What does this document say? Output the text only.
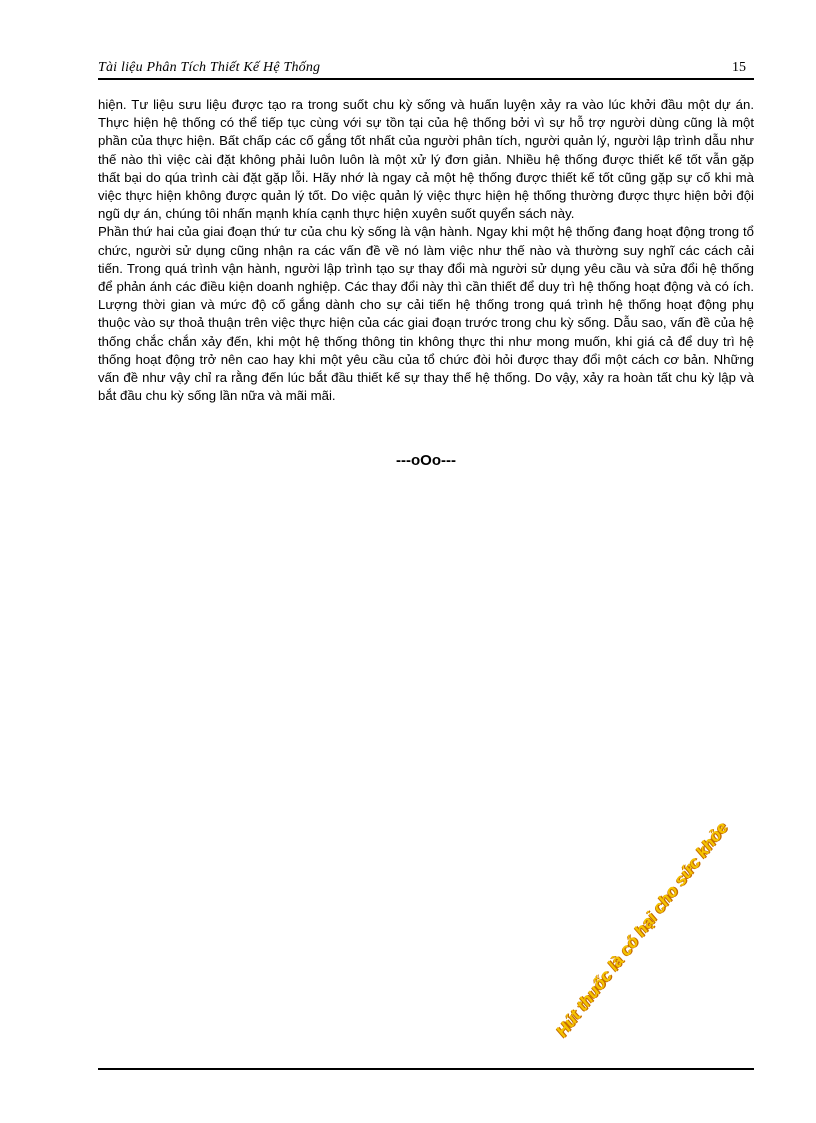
Tài liệu Phân Tích Thiết Kế Hệ Thống	15

hiện. Tư liệu sưu liệu được tạo ra trong suốt chu kỳ sống và huấn luyện xảy ra vào lúc khởi đầu một dự án. Thực hiện hệ thống có thể tiếp tục cùng với sự tồn tại của hệ thống bởi vì sự hỗ trợ người dùng cũng là một phần của thực hiện. Bất chấp các cố gắng tốt nhất của người phân tích, người quản lý, người lập trình dẫu như thế nào thì việc cài đặt không phải luôn luôn là một xử lý đơn giản. Nhiều hệ thống được thiết kế tốt vẫn gặp thất bại do qúa trình cài đặt gặp lỗi. Hãy nhớ là ngay cả một hệ thống được thiết kế tốt cũng gặp sự cố khi mà việc thực hiện không được quản lý tốt. Do việc quản lý việc thực hiện hệ thống thường được thực hiện bởi đội ngũ dự án, chúng tôi nhấn mạnh khía cạnh thực hiện xuyên suốt quyển sách này.

Phần thứ hai của giai đoạn thứ tư của chu kỳ sống là vận hành. Ngay khi một hệ thống đang hoạt động trong tổ chức, người sử dụng cũng nhận ra các vấn đề về nó làm việc như thế nào và thường suy nghĩ các cách cải tiến. Trong quá trình vận hành, người lập trình tạo sự thay đổi mà người sử dụng yêu cầu và sửa đổi hệ thống để phản ánh các điều kiện doanh nghiệp. Các thay đổi này thì cần thiết để duy trì hệ thống hoạt động và có ích. Lượng thời gian và mức độ cố gắng dành cho sự cải tiến hệ thống trong quá trình hệ thống hoạt động phụ thuộc vào sự thoả thuận trên việc thực hiện của các giai đoạn trước trong chu kỳ sống. Dẫu sao, vấn đề của hệ thống chắc chắn xảy đến, khi một hệ thống thông tin không thực thi như mong muốn, khi giá cả để duy trì hệ thống hoạt động trở nên cao hay khi một yêu cầu của tổ chức đòi hỏi được thay đổi một cách cơ bản. Những vấn đề như vậy chỉ ra rằng đến lúc bắt đầu thiết kế sự thay thế hệ thống. Do vậy, xảy ra hoàn tất chu kỳ lập và bắt đầu chu kỳ sống lần nữa và mãi mãi.

---oOo---
Hút thuốc là có hại cho sức khỏe
